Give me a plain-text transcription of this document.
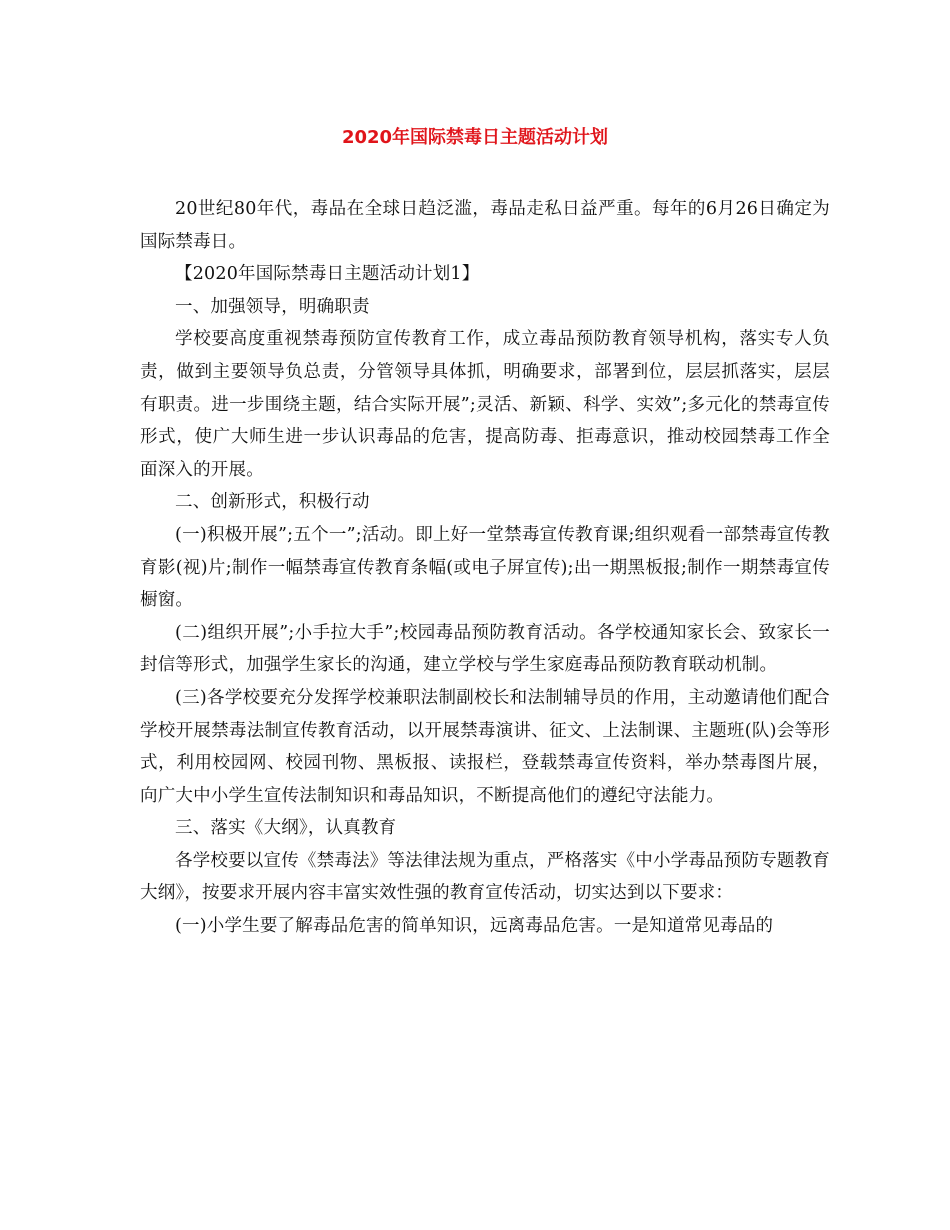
2020年国际禁毒日主题活动计划

20世纪80年代，毒品在全球日趋泛滥，毒品走私日益严重。每年的6月26日确定为国际禁毒日。

【2020年国际禁毒日主题活动计划1】

一、加强领导，明确职责

学校要高度重视禁毒预防宣传教育工作，成立毒品预防教育领导机构，落实专人负责，做到主要领导负总责，分管领导具体抓，明确要求，部署到位，层层抓落实，层层有职责。进一步围绕主题，结合实际开展”;灵活、新颖、科学、实效”;多元化的禁毒宣传形式，使广大师生进一步认识毒品的危害，提高防毒、拒毒意识，推动校园禁毒工作全面深入的开展。

二、创新形式，积极行动

(一)积极开展”;五个一”;活动。即上好一堂禁毒宣传教育课;组织观看一部禁毒宣传教育影(视)片;制作一幅禁毒宣传教育条幅(或电子屏宣传);出一期黑板报;制作一期禁毒宣传橱窗。

(二)组织开展”;小手拉大手”;校园毒品预防教育活动。各学校通知家长会、致家长一封信等形式，加强学生家长的沟通，建立学校与学生家庭毒品预防教育联动机制。

(三)各学校要充分发挥学校兼职法制副校长和法制辅导员的作用，主动邀请他们配合学校开展禁毒法制宣传教育活动，以开展禁毒演讲、征文、上法制课、主题班(队)会等形式，利用校园网、校园刊物、黑板报、读报栏，登载禁毒宣传资料，举办禁毒图片展，向广大中小学生宣传法制知识和毒品知识，不断提高他们的遵纪守法能力。

三、落实《大纲》，认真教育

各学校要以宣传《禁毒法》等法律法规为重点，严格落实《中小学毒品预防专题教育大纲》，按要求开展内容丰富实效性强的教育宣传活动，切实达到以下要求：

(一)小学生要了解毒品危害的简单知识，远离毒品危害。一是知道常见毒品的
